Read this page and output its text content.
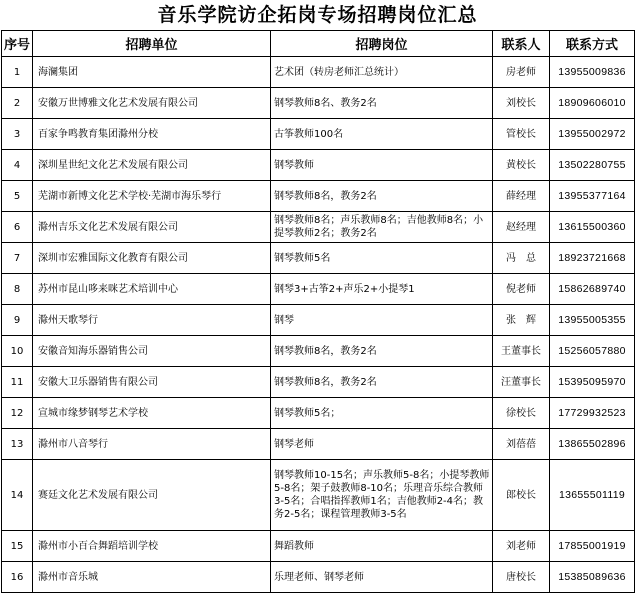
音乐学院访企拓岗专场招聘岗位汇总
序号	招聘单位	招聘岗位	联系人	联系方式
1	海澜集团	艺术团（转房老师汇总统计）	房老师	13955009836
2	安徽万世博雅文化艺术发展有限公司	钢琴教师8名、教务2名	刘校长	18909606010
3	百家争鸣教育集团滁州分校	古筝教师100名	管校长	13955002972
4	深圳星世纪文化艺术发展有限公司	钢琴教师	黄校长	13502280755
5	芜湖市新博文化艺术学校·芜湖市海乐琴行	钢琴教师8名，教务2名	薛经理	13955377164
6	滁州吉乐文化艺术发展有限公司	钢琴教师8名；声乐教师8名；吉他教师8名；小提琴教师2名；教务2名	赵经理	13615500360
7	深圳市宏雅国际文化教育有限公司	钢琴教师5名	冯　总	18923721668
8	苏州市昆山哆来咪艺术培训中心	钢琴3+古筝2+声乐2+小提琴1	倪老师	15862689740
9	滁州天歌琴行	钢琴	张　辉	13955005355
10	安徽音知海乐器销售公司	钢琴教师8名，教务2名	王董事长	15256057880
11	安徽大卫乐器销售有限公司	钢琴教师8名，教务2名	汪董事长	15395095970
12	宣城市缘梦钢琴艺术学校	钢琴教师5名；	徐校长	17729932523
13	滁州市八音琴行	钢琴老师	刘蓓蓓	13865502896
14	赛廷文化艺术发展有限公司	钢琴教师10-15名；声乐教师5-8名；小提琴教师5-8名；架子鼓教师8-10名；乐理音乐综合教师3-5名；合唱指挥教师1名；吉他教师2-4名；教务2-5名；课程管理教师3-5名	郎校长	13655501119
15	滁州市小百合舞蹈培训学校	舞蹈教师	刘老师	17855001919
16	滁州市音乐城	乐理老师、钢琴老师	唐校长	15385089636
